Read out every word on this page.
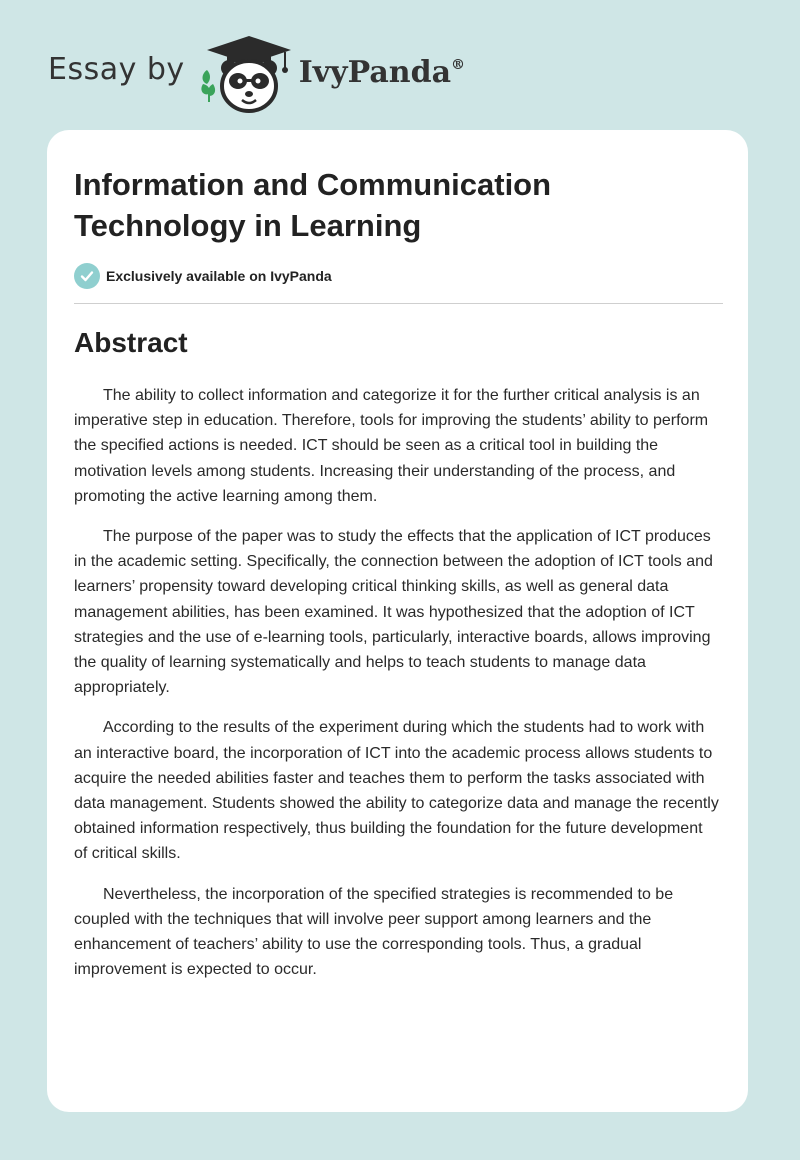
Essay by	IvyPanda®
Information and Communication Technology in Learning
Exclusively available on IvyPanda
Abstract

The ability to collect information and categorize it for the further critical analysis is an imperative step in education. Therefore, tools for improving the students’ ability to perform the specified actions is needed. ICT should be seen as a critical tool in building the motivation levels among students. Increasing their understanding of the process, and promoting the active learning among them.

The purpose of the paper was to study the effects that the application of ICT produces in the academic setting. Specifically, the connection between the adoption of ICT tools and learners’ propensity toward developing critical thinking skills, as well as general data management abilities, has been examined. It was hypothesized that the adoption of ICT strategies and the use of e-learning tools, particularly, interactive boards, allows improving the quality of learning systematically and helps to teach students to manage data appropriately.

According to the results of the experiment during which the students had to work with an interactive board, the incorporation of ICT into the academic process allows students to acquire the needed abilities faster and teaches them to perform the tasks associated with data management. Students showed the ability to categorize data and manage the recently obtained information respectively, thus building the foundation for the future development of critical skills.

Nevertheless, the incorporation of the specified strategies is recommended to be coupled with the techniques that will involve peer support among learners and the enhancement of teachers’ ability to use the corresponding tools. Thus, a gradual improvement is expected to occur.
